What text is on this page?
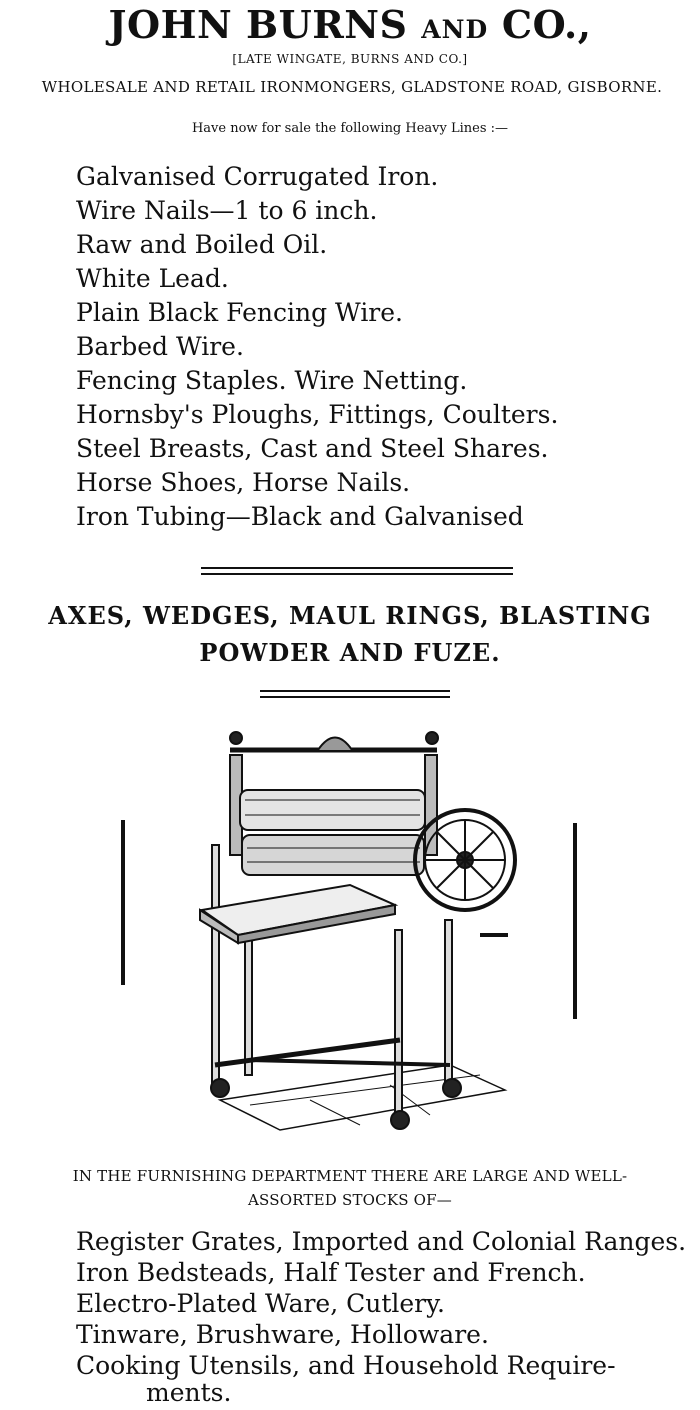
JOHN BURNS AND CO.,
[LATE WINGATE, BURNS AND CO.]
WHOLESALE AND RETAIL IRONMONGERS, GLADSTONE ROAD, GISBORNE.
Have now for sale the following Heavy Lines :—
Galvanised Corrugated Iron.
Wire Nails—1 to 6 inch.
Raw and Boiled Oil.
White Lead.
Plain Black Fencing Wire.
Barbed Wire.
Fencing Staples. Wire Netting.
Hornsby's Ploughs, Fittings, Coulters.
Steel Breasts, Cast and Steel Shares.
Horse Shoes, Horse Nails.
Iron Tubing—Black and Galvanised
AXES, WEDGES, MAUL RINGS, BLASTING
POWDER AND FUZE.
IN THE FURNISHING DEPARTMENT THERE ARE LARGE AND WELL-
ASSORTED STOCKS OF—
Register Grates, Imported and Colonial Ranges.
Iron Bedsteads, Half Tester and French.
Electro-Plated Ware, Cutlery.
Tinware, Brushware, Holloware.
Cooking Utensils, and Household Require-
ments.
